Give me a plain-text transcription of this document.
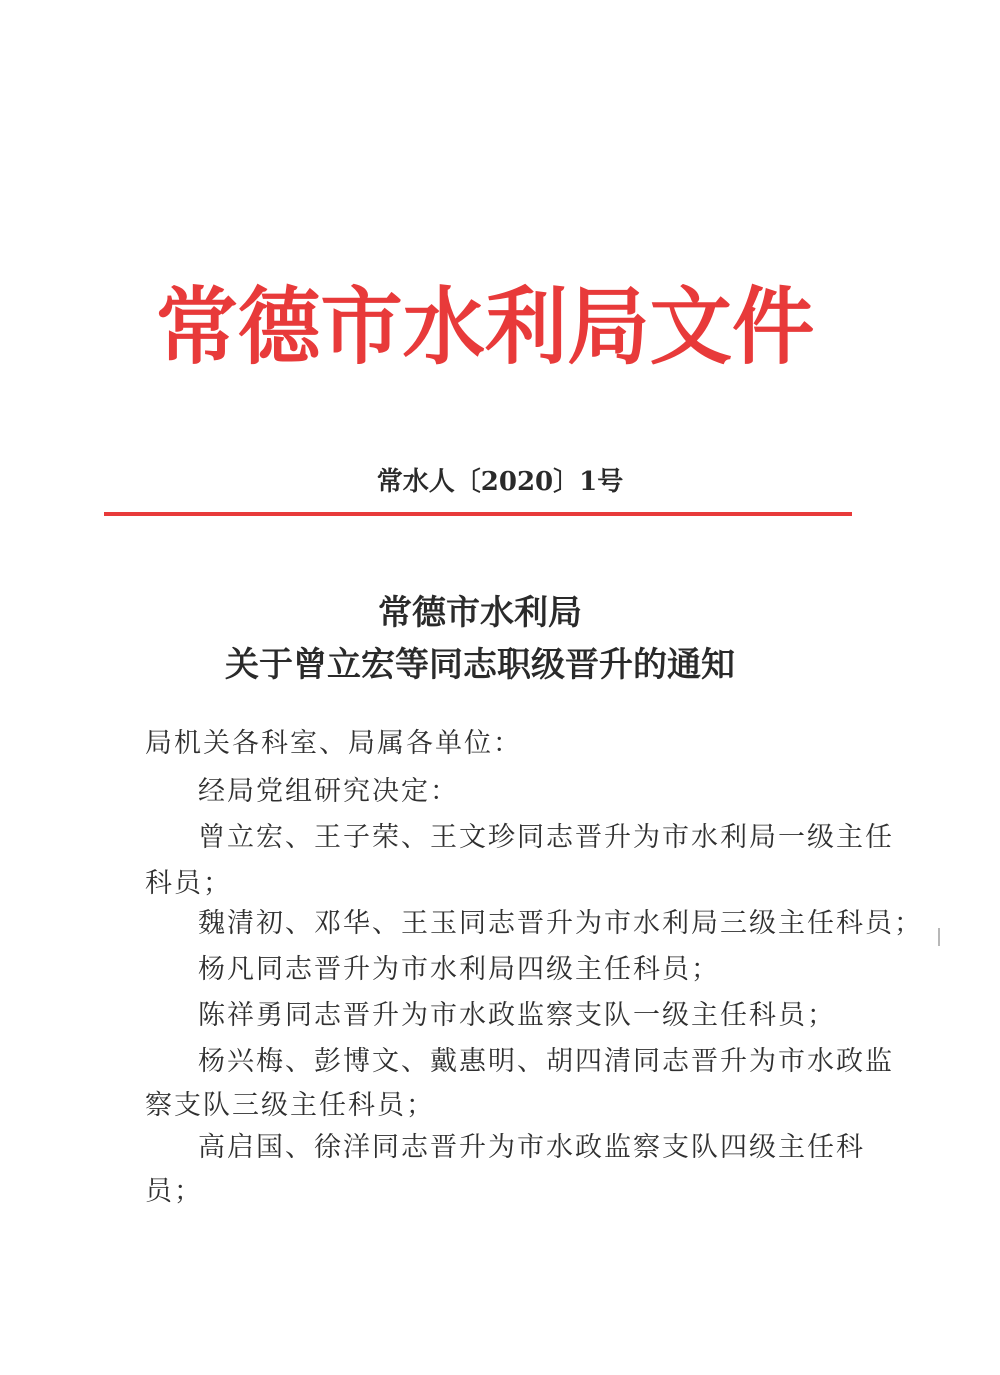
常德市水利局文件
常水人〔2020〕1号
常德市水利局
关于曾立宏等同志职级晋升的通知
局机关各科室、局属各单位：
经局党组研究决定：
曾立宏、王子荣、王文珍同志晋升为市水利局一级主任
科员；
魏清初、邓华、王玉同志晋升为市水利局三级主任科员；
杨凡同志晋升为市水利局四级主任科员；
陈祥勇同志晋升为市水政监察支队一级主任科员；
杨兴梅、彭博文、戴惠明、胡四清同志晋升为市水政监
察支队三级主任科员；
高启国、徐洋同志晋升为市水政监察支队四级主任科
员；
